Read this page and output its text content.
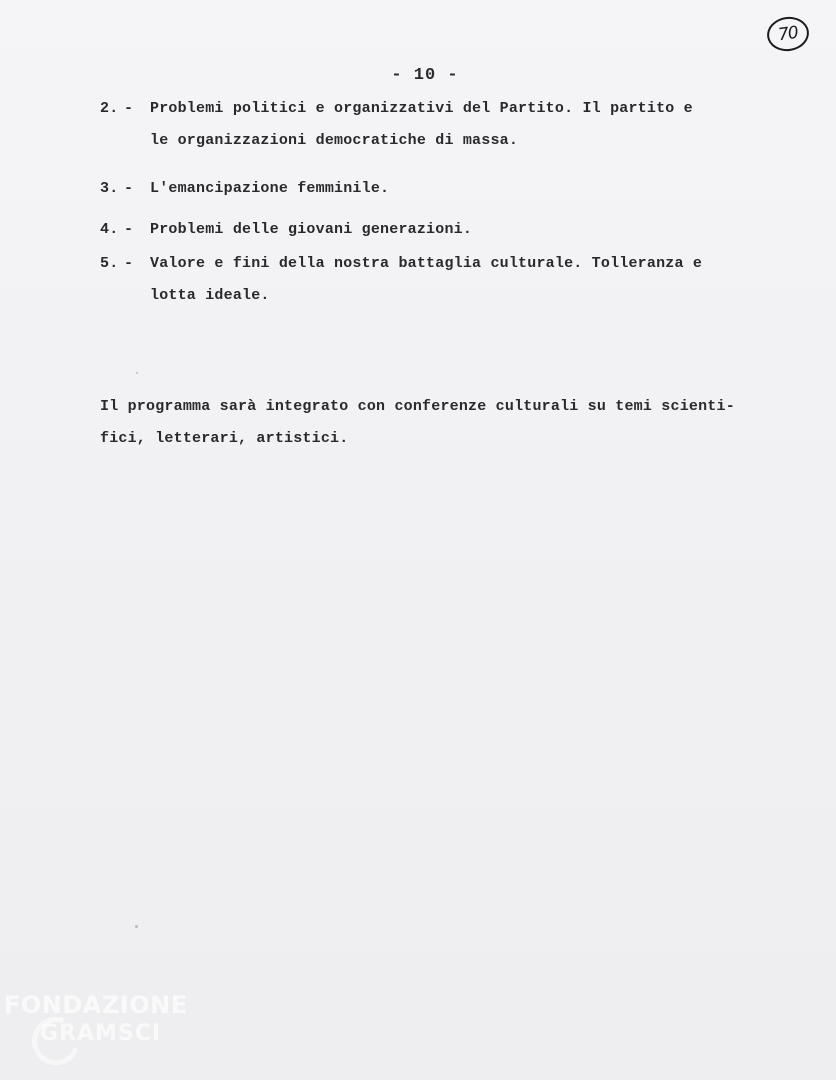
70
- 10 -
2. -	Problemi politici e organizzativi del Partito. Il partito e
le organizzazioni democratiche di massa.
3. -	L'emancipazione femminile.
4. -	Problemi delle giovani generazioni.
5. -	Valore e fini della nostra battaglia culturale. Tolleranza e
lotta ideale.
Il programma sarà integrato con conferenze culturali su temi scienti-
fici, letterari, artistici.
FONDAZIONE
GRAMSCI
